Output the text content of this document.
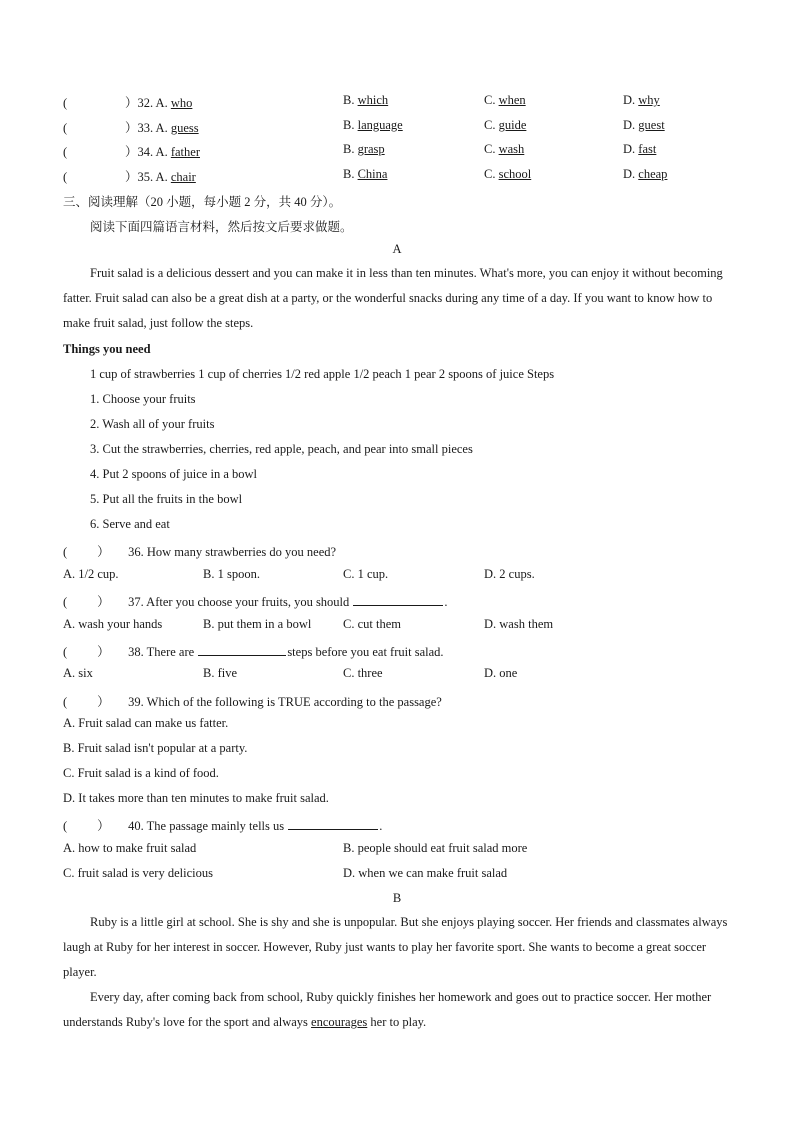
(	）32. A. who	B. which	C. when	D. why
(	）33. A. guess	B. language	C. guide	D. guest
(	）34. A. father	B. grasp	C. wash	D. fast
(	）35. A. chair	B. China	C. school	D. cheap
三、阅读理解（20 小题，每小题 2 分，共 40 分）。
阅读下面四篇语言材料，然后按文后要求做题。
A
Fruit salad is a delicious dessert and you can make it in less than ten minutes. What's more, you can enjoy it without becoming fatter. Fruit salad can also be a great dish at a party, or the wonderful snacks during any time of a day. If you want to know how to make fruit salad, just follow the steps.
Things you need
1 cup of strawberries 1 cup of cherries 1/2 red apple 1/2 peach 1 pear 2 spoons of juice Steps
1. Choose your fruits
2. Wash all of your fruits
3. Cut the strawberries, cherries, red apple, peach, and pear into small pieces
4. Put 2 spoons of juice in a bowl
5. Put all the fruits in the bowl
6. Serve and eat
( ） 36. How many strawberries do you need?
A. 1/2 cup.	B. 1 spoon.	C. 1 cup.	D. 2 cups.
( ） 37. After you choose your fruits, you should	.
A. wash your hands	B. put them in a bowl	C. cut them	D. wash them
( ） 38. There are	steps before you eat fruit salad.
A. six	B. five	C. three	D. one
( ） 39. Which of the following is TRUE according to the passage?
A. Fruit salad can make us fatter.
B. Fruit salad isn't popular at a party.
C. Fruit salad is a kind of food.
D. It takes more than ten minutes to make fruit salad.
( ） 40. The passage mainly tells us	.
A. how to make fruit salad	B. people should eat fruit salad more
C. fruit salad is very delicious	D. when we can make fruit salad
B
Ruby is a little girl at school. She is shy and she is unpopular. But she enjoys playing soccer. Her friends and classmates always laugh at Ruby for her interest in soccer. However, Ruby just wants to play her favorite sport. She wants to become a great soccer player.
Every day, after coming back from school, Ruby quickly finishes her homework and goes out to practice soccer. Her mother understands Ruby's love for the sport and always encourages her to play.
